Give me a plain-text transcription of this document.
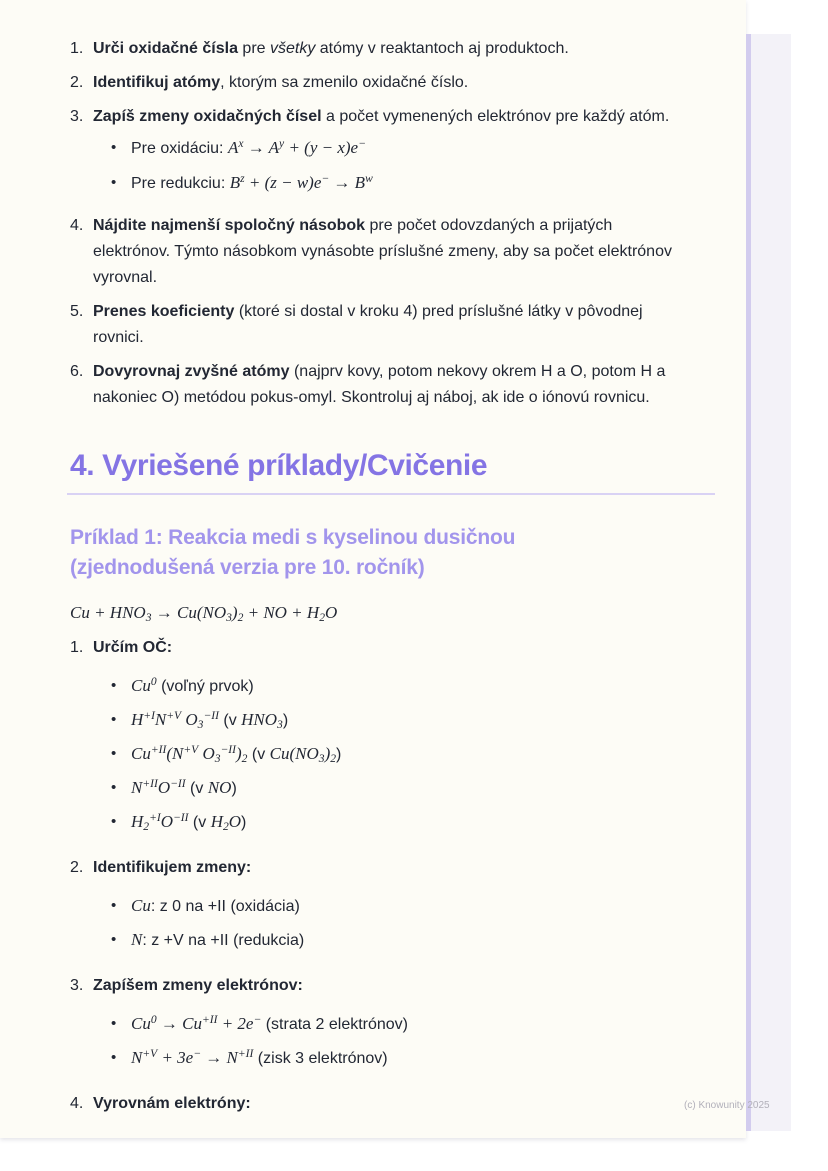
1. Urči oxidačné čísla pre všetky atómy v reaktantoch aj produktoch.
2. Identifikuj atómy, ktorým sa zmenilo oxidačné číslo.
3. Zapíš zmeny oxidačných čísel a počet vymenených elektrónov pre každý atóm.
• Pre oxidáciu: $A^x \to A^y + (y - x)e^-$
• Pre redukciu: $B^z + (z - w)e^- \to B^w$
4. Nájdite najmenší spoločný násobok pre počet odovzdaných a prijatých elektrónov. Týmto násobkom vynásobte príslušné zmeny, aby sa počet elektrónov vyrovnal.
5. Prenes koeficienty (ktoré si dostal v kroku 4) pred príslušné látky v pôvodnej rovnici.
6. Dovyrovnaj zvyšné atómy (najprv kovy, potom nekovy okrem H a O, potom H a nakoniec O) metódou pokus-omyl. Skontroluj aj náboj, ak ide o iónovú rovnicu.
4. Vyriešené príklady/Cvičenie
Príklad 1: Reakcia medi s kyselinou dusičnou (zjednodušená verzia pre 10. ročník)
$Cu + HNO_3 \to Cu(NO_3)_2$ + NO + $H_2O$
1. Určím OČ:
• Cu$^0$ (voľný prvok)
• $H^{+I}N^{+V}$ $O_3^{-II}$ (v $HNO_3$)
• $Cu^{+II}(N^{+V}$ $O_3^{-II})_2$ (v $Cu(NO_3)_2$)
• $N^{+II}O^{-II}$ (v NO)
• $H_2^{+I}O^{-II}$ (v $H_2O$)
2. Identifikujem zmeny:
• Cu: z 0 na +II (oxidácia)
• N: z +V na +II (redukcia)
3. Zapíšem zmeny elektrónov:
• $Cu^0 \to Cu^{+II} + 2e^-$ (strata 2 elektrónov)
• $N^{+V} + 3e^- \to N^{+II}$ (zisk 3 elektrónov)
4. Vyrovnám elektróny:	(c) Knowunity 2025
